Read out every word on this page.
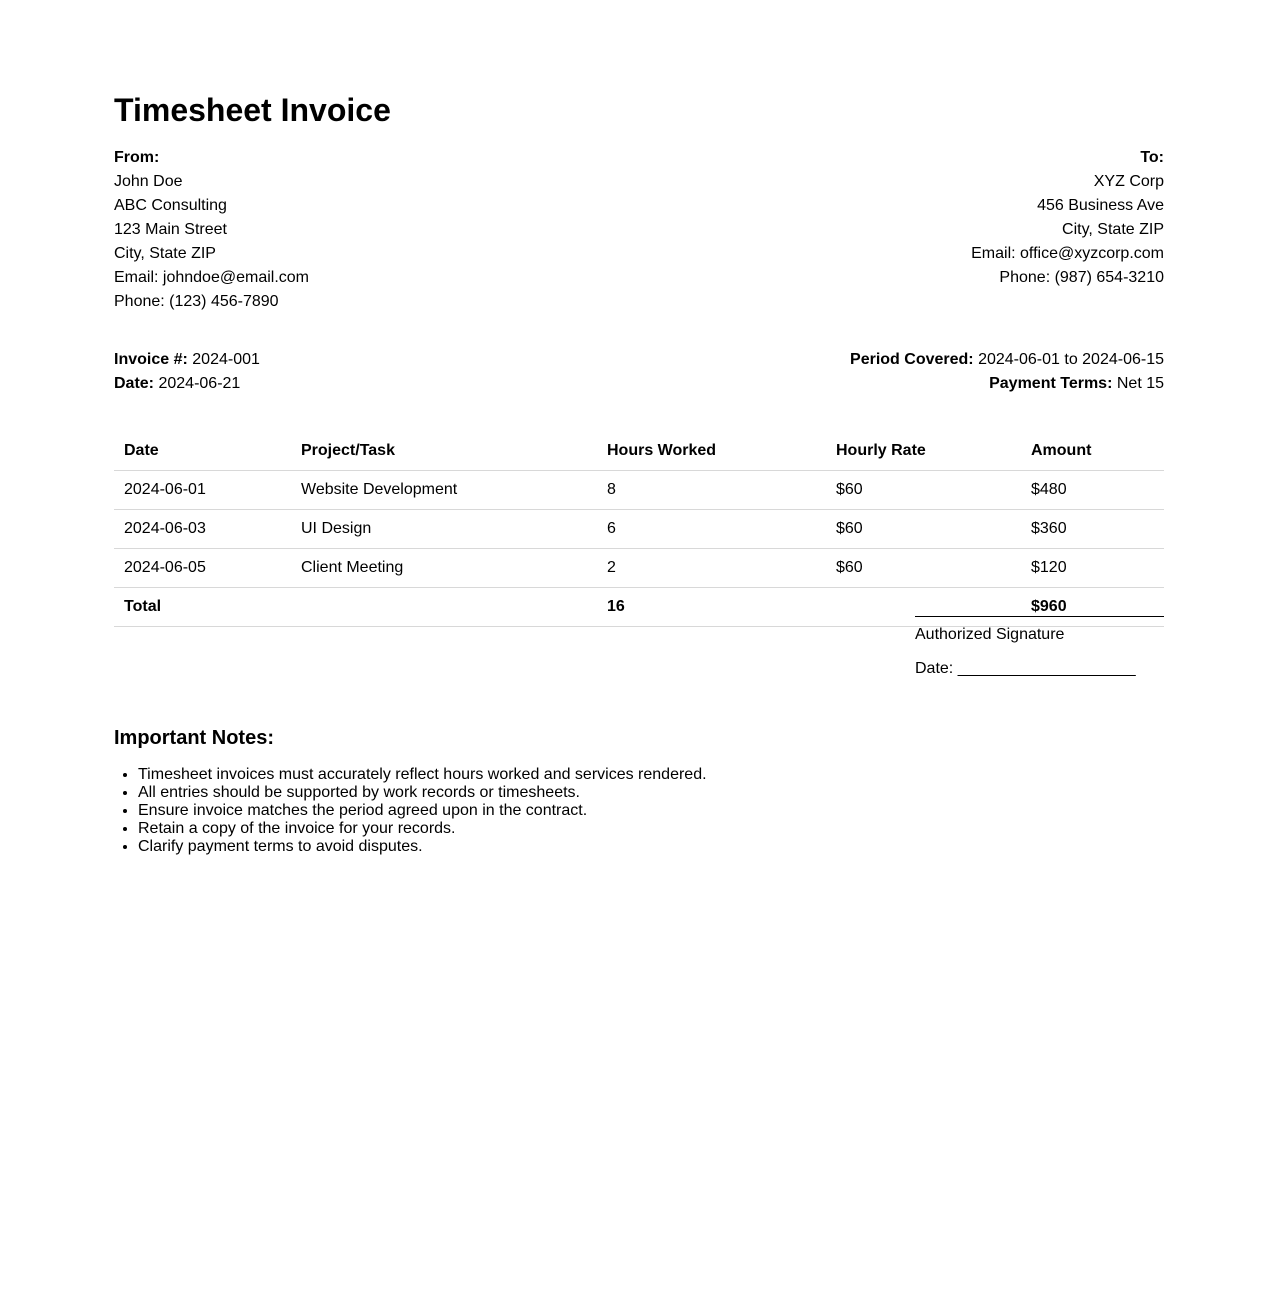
Timesheet Invoice
From:
John Doe
ABC Consulting
123 Main Street
City, State ZIP
Email: johndoe@email.com
Phone: (123) 456-7890
To:
XYZ Corp
456 Business Ave
City, State ZIP
Email: office@xyzcorp.com
Phone: (987) 654-3210
Invoice #: 2024-001
Date: 2024-06-21
Period Covered: 2024-06-01 to 2024-06-15
Payment Terms: Net 15
Date	Project/Task	Hours Worked	Hourly Rate	Amount
2024-06-01	Website Development	8	$60	$480
2024-06-03	UI Design	6	$60	$360
2024-06-05	Client Meeting	2	$60	$120
Total		16		$960
Authorized Signature
Date: ____________________
Important Notes:
• Timesheet invoices must accurately reflect hours worked and services rendered.
• All entries should be supported by work records or timesheets.
• Ensure invoice matches the period agreed upon in the contract.
• Retain a copy of the invoice for your records.
• Clarify payment terms to avoid disputes.
